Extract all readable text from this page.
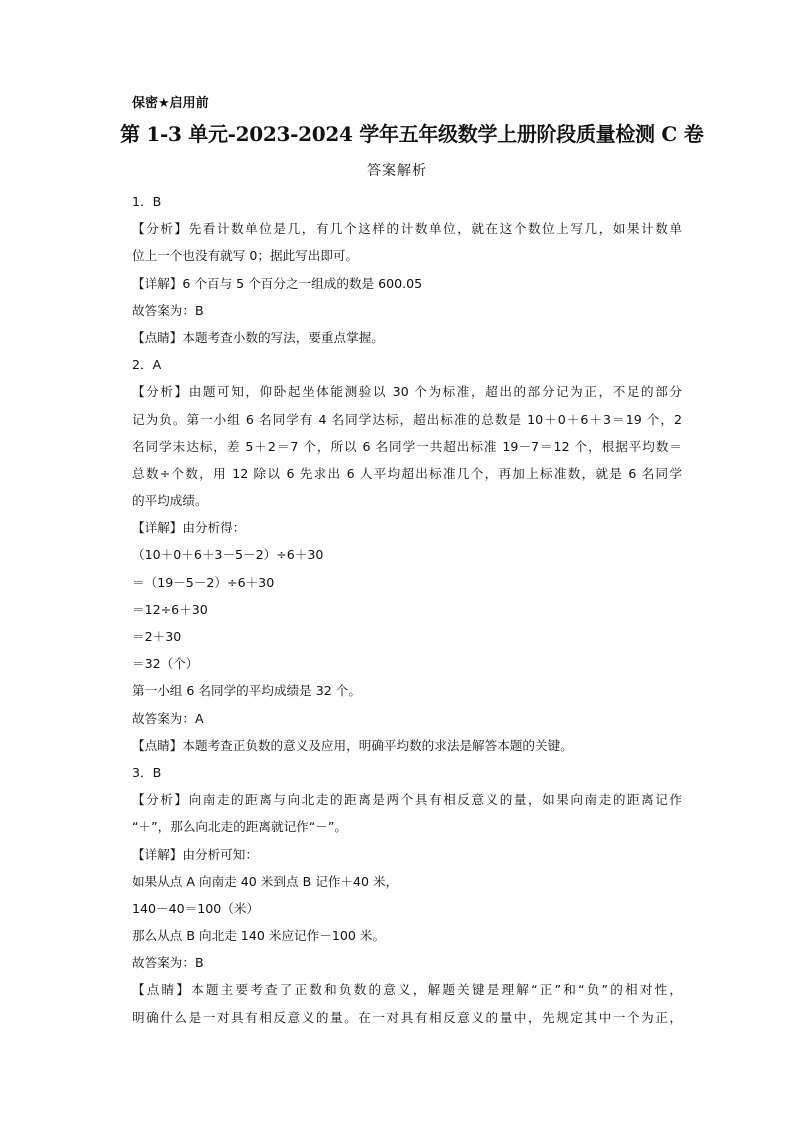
保密★启用前
第 1-3 单元-2023-2024 学年五年级数学上册阶段质量检测 C 卷
答案解析
1．B
【分析】先看计数单位是几，有几个这样的计数单位，就在这个数位上写几，如果计数单
位上一个也没有就写 0；据此写出即可。
【详解】6 个百与 5 个百分之一组成的数是 600.05
故答案为：B
【点睛】本题考查小数的写法，要重点掌握。
2．A
【分析】由题可知，仰卧起坐体能测验以 30 个为标准，超出的部分记为正，不足的部分
记为负。第一小组 6 名同学有 4 名同学达标，超出标准的总数是 10＋0＋6＋3＝19 个，2
名同学未达标，差 5＋2＝7 个，所以 6 名同学一共超出标准 19－7＝12 个，根据平均数＝
总数÷个数，用 12 除以 6 先求出 6 人平均超出标准几个，再加上标准数，就是 6 名同学
的平均成绩。
【详解】由分析得：
（10＋0＋6＋3－5－2）÷6＋30
＝（19－5－2）÷6＋30
＝12÷6＋30
＝2＋30
＝32（个）
第一小组 6 名同学的平均成绩是 32 个。
故答案为：A
【点睛】本题考查正负数的意义及应用，明确平均数的求法是解答本题的关键。
3．B
【分析】向南走的距离与向北走的距离是两个具有相反意义的量，如果向南走的距离记作
“＋”，那么向北走的距离就记作“－”。
【详解】由分析可知：
如果从点 A 向南走 40 米到点 B 记作＋40 米，
140－40＝100（米）
那么从点 B 向北走 140 米应记作－100 米。
故答案为：B
【点睛】本题主要考查了正数和负数的意义，解题关键是理解“正”和“负”的相对性，
明确什么是一对具有相反意义的量。在一对具有相反意义的量中，先规定其中一个为正，
